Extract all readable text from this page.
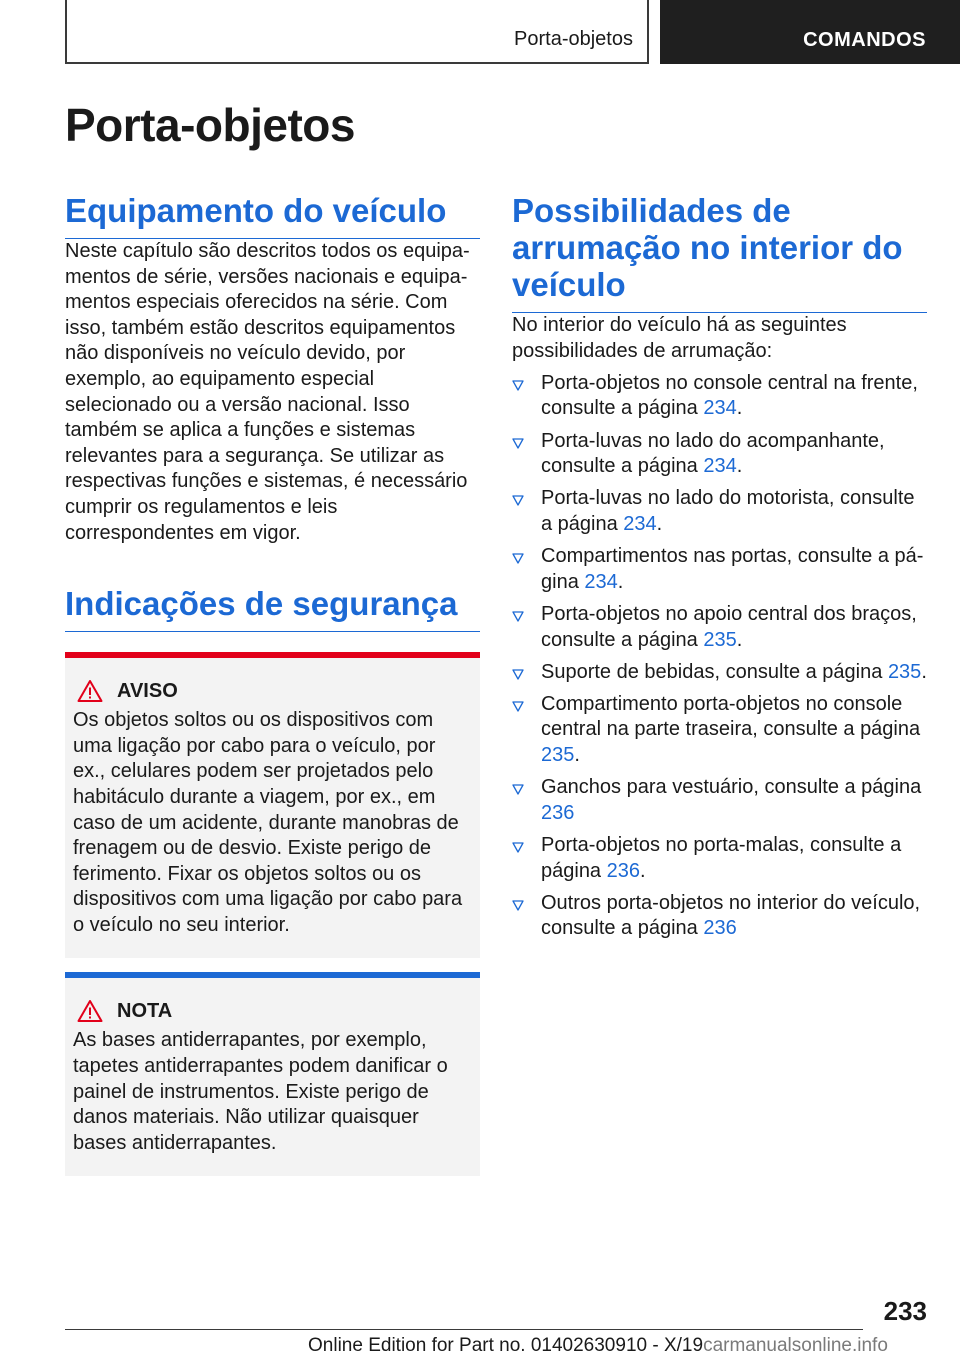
Porta-objetos	COMANDOS
Porta-objetos
Equipamento do veículo

Neste capítulo são descritos todos os equipamentos de série, versões nacionais e equipamentos especiais oferecidos na série. Com isso, também estão descritos equipamentos não disponíveis no veículo devido, por exemplo, ao equipamento especial selecionado ou a versão nacional. Isso também se aplica a funções e sistemas relevantes para a segurança. Se utilizar as respectivas funções e sistemas, é necessário cumprir os regulamentos e leis correspondentes em vigor.

Indicações de segurança
AVISO

Os objetos soltos ou os dispositivos com uma ligação por cabo para o veículo, por ex., celulares podem ser projetados pelo habitáculo durante a viagem, por ex., em caso de um acidente, durante manobras de frenagem ou de desvio. Existe perigo de ferimento. Fixar os objetos soltos ou os dispositivos com uma ligação por cabo para o veículo no seu interior.

NOTA

As bases antiderrapantes, por exemplo, tapetes antiderrapantes podem danificar o painel de instrumentos. Existe perigo de danos materiais. Não utilizar quaisquer bases antiderrapantes.

Possibilidades de arrumação no interior do veículo

No interior do veículo há as seguintes possibilidades de arrumação:

Porta-objetos no console central na frente, consulte a página 234.
Porta-luvas no lado do acompanhante, consulte a página 234.
Porta-luvas no lado do motorista, consulte a página 234.
Compartimentos nas portas, consulte a página 234.
Porta-objetos no apoio central dos braços, consulte a página 235.
Suporte de bebidas, consulte a página 235.
Compartimento porta-objetos no console central na parte traseira, consulte a página 235.
Ganchos para vestuário, consulte a página 236
Porta-objetos no porta-malas, consulte a página 236.
Outros porta-objetos no interior do veículo, consulte a página 236
233
Online Edition for Part no. 01402630910 - X/19carmanualsonline.info
